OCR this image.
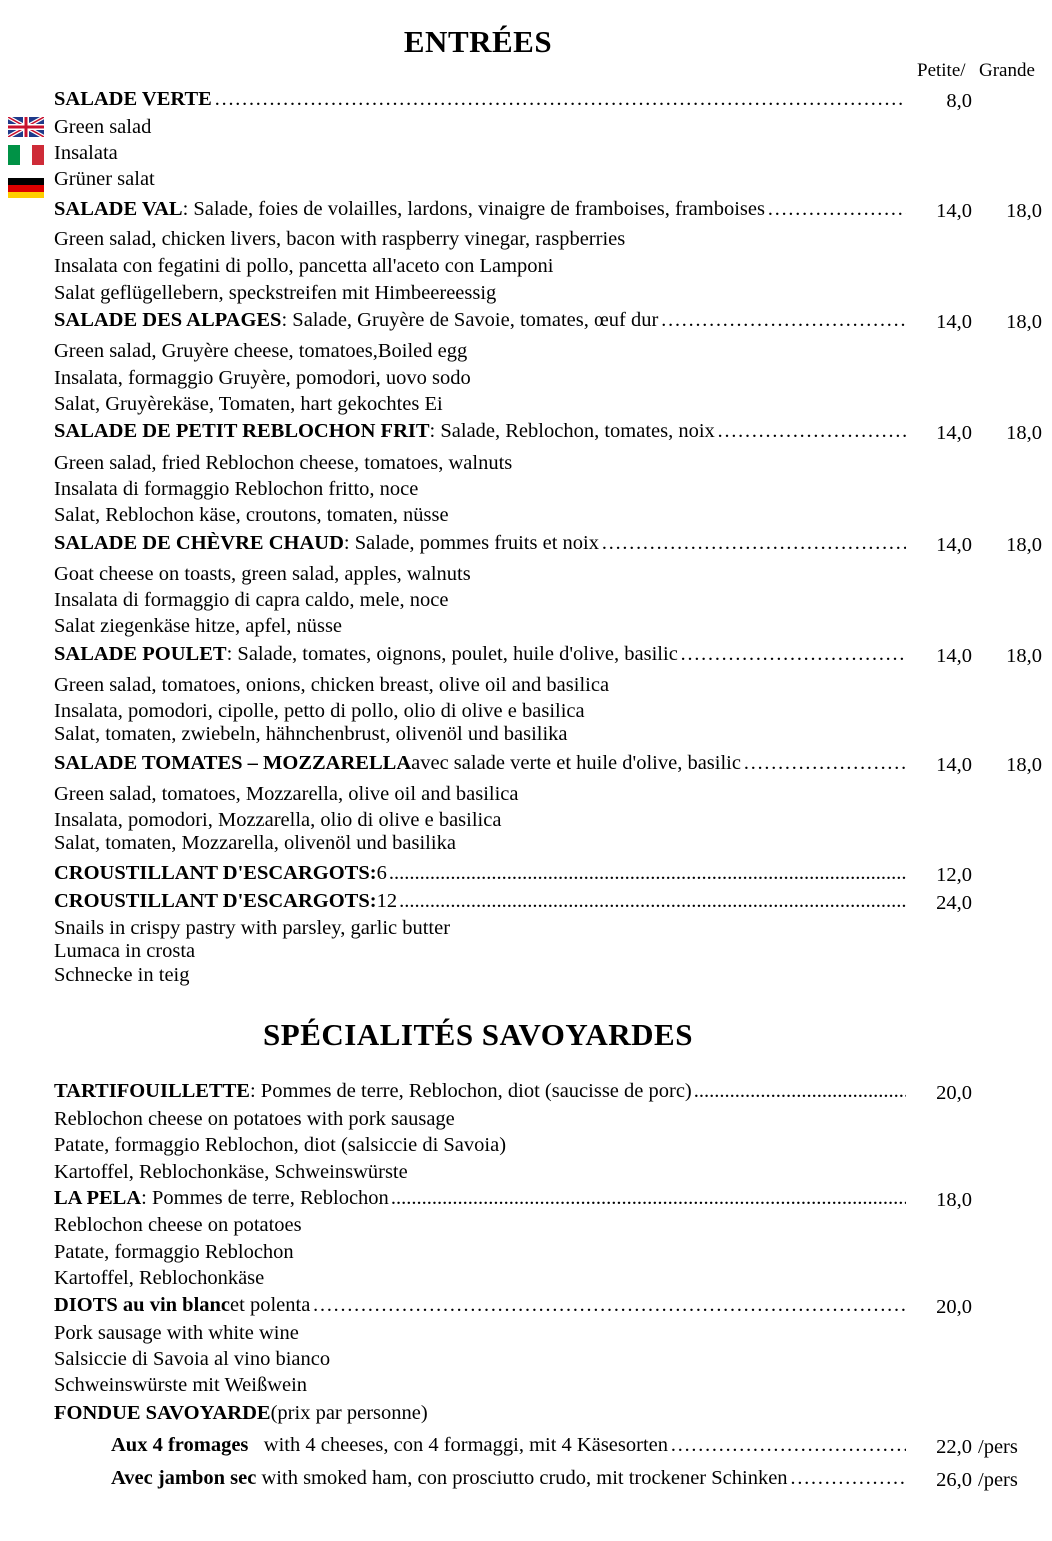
ENTRÉES
Petite/ Grande
SALADE VERTE ……………………………………………………………………………………………………………………………………………………………………………………………………………………	8,0
Green salad
Insalata
Grüner salat
SALADE VAL : Salade, foies de volailles, lardons, vinaigre de framboises, framboises ……………………………………………………………………………………………………………………………………………………………………………………………………………………	14,0	18,0
Green salad, chicken livers, bacon with raspberry vinegar, raspberries
Insalata con fegatini di pollo, pancetta all'aceto con Lamponi
Salat geflügellebern, speckstreifen mit Himbeereessig
SALADE DES ALPAGES : Salade, Gruyère de Savoie, tomates, œuf dur ……………………………………………………………………………………………………………………………………………………………………………………………………………………	14,0	18,0
Green salad, Gruyère cheese, tomatoes,Boiled egg
Insalata, formaggio Gruyère, pomodori, uovo sodo
Salat, Gruyèrekäse, Tomaten, hart gekochtes Ei
SALADE DE PETIT REBLOCHON FRIT : Salade, Reblochon, tomates, noix ……………………………………………………………………………………………………………………………………………………………………………………………………………………	14,0	18,0
Green salad, fried Reblochon cheese, tomatoes, walnuts
Insalata di formaggio Reblochon fritto, noce
Salat, Reblochon käse, croutons, tomaten, nüsse
SALADE DE CHÈVRE CHAUD : Salade, pommes fruits et noix ……………………………………………………………………………………………………………………………………………………………………………………………………………………	14,0	18,0
Goat cheese on toasts, green salad, apples, walnuts
Insalata di formaggio di capra caldo, mele, noce
Salat ziegenkäse hitze, apfel, nüsse
SALADE POULET : Salade, tomates, oignons, poulet, huile d'olive, basilic ……………………………………………………………………………………………………………………………………………………………………………………………………………………	14,0	18,0
Green salad, tomatoes, onions, chicken breast, olive oil and basilica
Insalata, pomodori, cipolle, petto di pollo, olio di olive e basilica
Salat, tomaten, zwiebeln, hähnchenbrust, olivenöl und basilika
SALADE TOMATES – MOZZARELLA avec salade verte et huile d'olive, basilic ……………………………………………………………………………………………………………………………………………………………………………………………………………………	14,0	18,0
Green salad, tomatoes, Mozzarella, olive oil and basilica
Insalata, pomodori, Mozzarella, olio di olive e basilica
Salat, tomaten, Mozzarella, olivenöl und basilika
CROUSTILLANT D'ESCARGOTS: 6 .....	12,0
CROUSTILLANT D'ESCARGOTS: 12 .....	24,0
Snails in crispy pastry with parsley, garlic butter
Lumaca in crosta
Schnecke in teig
SPÉCIALITÉS SAVOYARDES
TARTIFOUILLETTE : Pommes de terre, Reblochon, diot (saucisse de porc) .....	20,0
Reblochon cheese on potatoes with pork sausage
Patate, formaggio Reblochon, diot (salsiccie di Savoia)
Kartoffel, Reblochonkäse, Schweinswürste
LA PELA : Pommes de terre, Reblochon .....	18,0
Reblochon cheese on potatoes
Patate, formaggio Reblochon
Kartoffel, Reblochonkäse
DIOTS au vin blanc et polenta ……………………………………………………………………………………………………………………………………………………………………………………………………………………	20,0
Pork sausage with white wine
Salsiccie di Savoia al vino bianco
Schweinswürste mit Weißwein
FONDUE SAVOYARDE (prix par personne)
Aux 4 fromages with 4 cheeses, con 4 formaggi, mit 4 Käsesorten ……………………………………………………………………………………………………………………………………………………………………………………………………………………	22,0 /pers
Avec jambon sec with smoked ham, con prosciutto crudo, mit trockener Schinken ……………………………………………………………………………………………………………………………………………………………………………………………………………………	26,0 /pers
